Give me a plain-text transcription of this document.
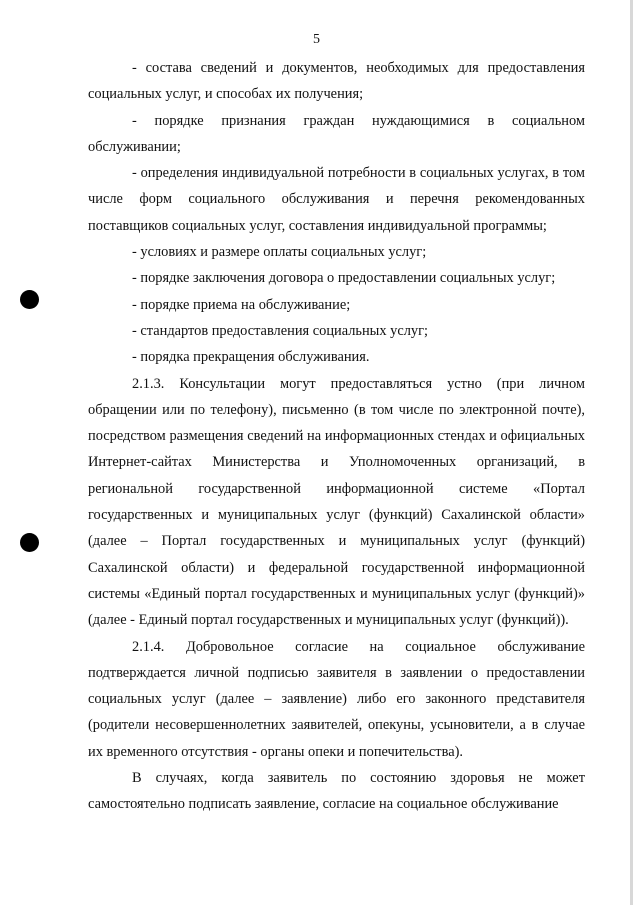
5

- состава сведений и документов, необходимых для предоставления социальных услуг, и способах их получения;

- порядке признания граждан нуждающимися в социальном обслуживании;

- определения индивидуальной потребности в социальных услугах, в том числе форм социального обслуживания и перечня рекомендованных поставщиков социальных услуг, составления индивидуальной программы;

- условиях и размере оплаты социальных услуг;

- порядке заключения договора о предоставлении социальных услуг;

- порядке приема на обслуживание;

- стандартов предоставления социальных услуг;

- порядка прекращения обслуживания.

2.1.3. Консультации могут предоставляться устно (при личном обращении или по телефону), письменно (в том числе по электронной почте), посредством размещения сведений на информационных стендах и официальных Интернет-сайтах Министерства и Уполномоченных организаций, в региональной государственной информационной системе «Портал государственных и муниципальных услуг (функций) Сахалинской области» (далее – Портал государственных и муниципальных услуг (функций) Сахалинской области) и федеральной государственной информационной системы «Единый портал государственных и муниципальных услуг (функций)» (далее - Единый портал государственных и муниципальных услуг (функций)).

2.1.4. Добровольное согласие на социальное обслуживание подтверждается личной подписью заявителя в заявлении о предоставлении социальных услуг (далее – заявление) либо его законного представителя (родители несовершеннолетних заявителей, опекуны, усыновители, а в случае их временного отсутствия - органы опеки и попечительства).

В случаях, когда заявитель по состоянию здоровья не может самостоятельно подписать заявление, согласие на социальное обслуживание
